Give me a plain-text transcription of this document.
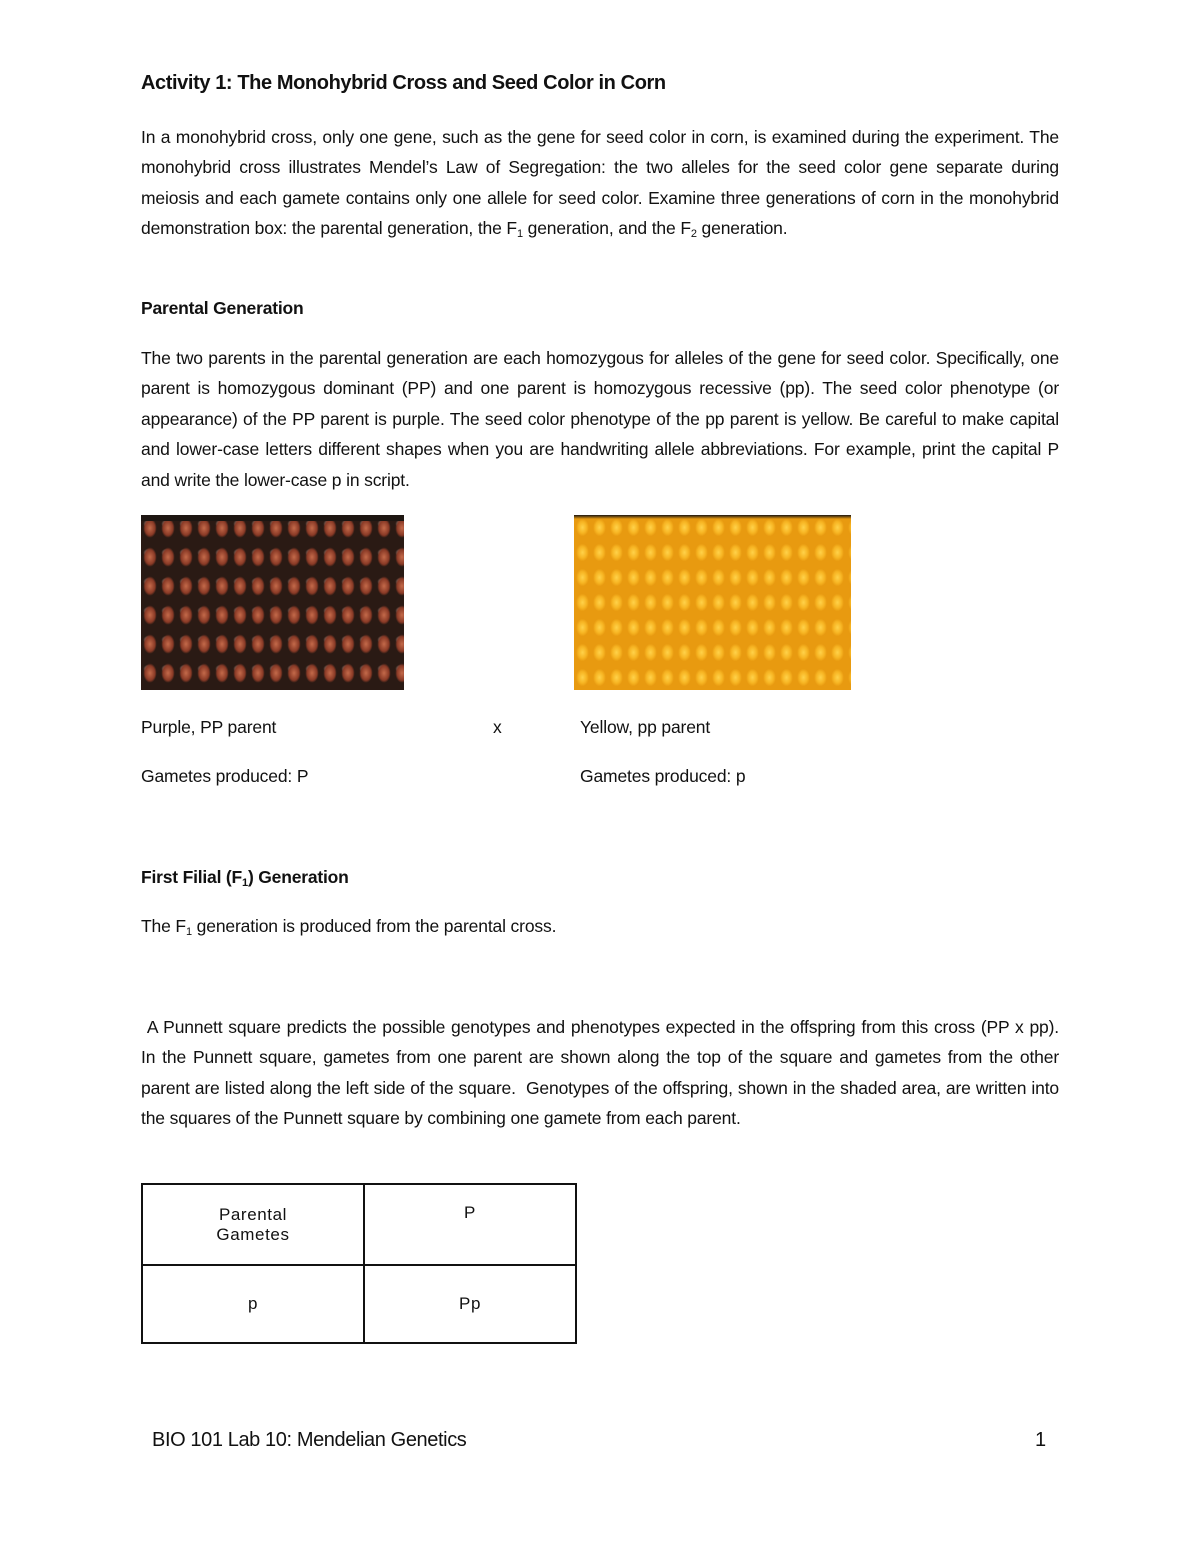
Activity 1: The Monohybrid Cross and Seed Color in Corn
In a monohybrid cross, only one gene, such as the gene for seed color in corn, is examined during the experiment. The monohybrid cross illustrates Mendel’s Law of Segregation: the two alleles for the seed color gene separate during meiosis and each gamete contains only one allele for seed color. Examine three generations of corn in the monohybrid demonstration box: the parental generation, the $F_1$ generation, and the $F_2$ generation.
Parental Generation
The two parents in the parental generation are each homozygous for alleles of the gene for seed color. Specifically, one parent is homozygous dominant (PP) and one parent is homozygous recessive (pp). The seed color phenotype (or appearance) of the PP parent is purple. The seed color phenotype of the pp parent is yellow. Be careful to make capital and lower-case letters different shapes when you are handwriting allele abbreviations. For example, print the capital P and write the lower-case p in script.
Purple, PP parent	x	Yellow, pp parent
Gametes produced: P	Gametes produced: p
First Filial $(F_1)$ Generation
The $F_1$ generation is produced from the parental cross.
A Punnett square predicts the possible genotypes and phenotypes expected in the offspring from this cross (PP x pp).  In the Punnett square, gametes from one parent are shown along the top of the square and gametes from the other parent are listed along the left side of the square.  Genotypes of the offspring, shown in the shaded area, are written into the squares of the Punnett square by combining one gamete from each parent.
Parental
Gametes	P

p	Pp
BIO 101 Lab 10: Mendelian Genetics	1
